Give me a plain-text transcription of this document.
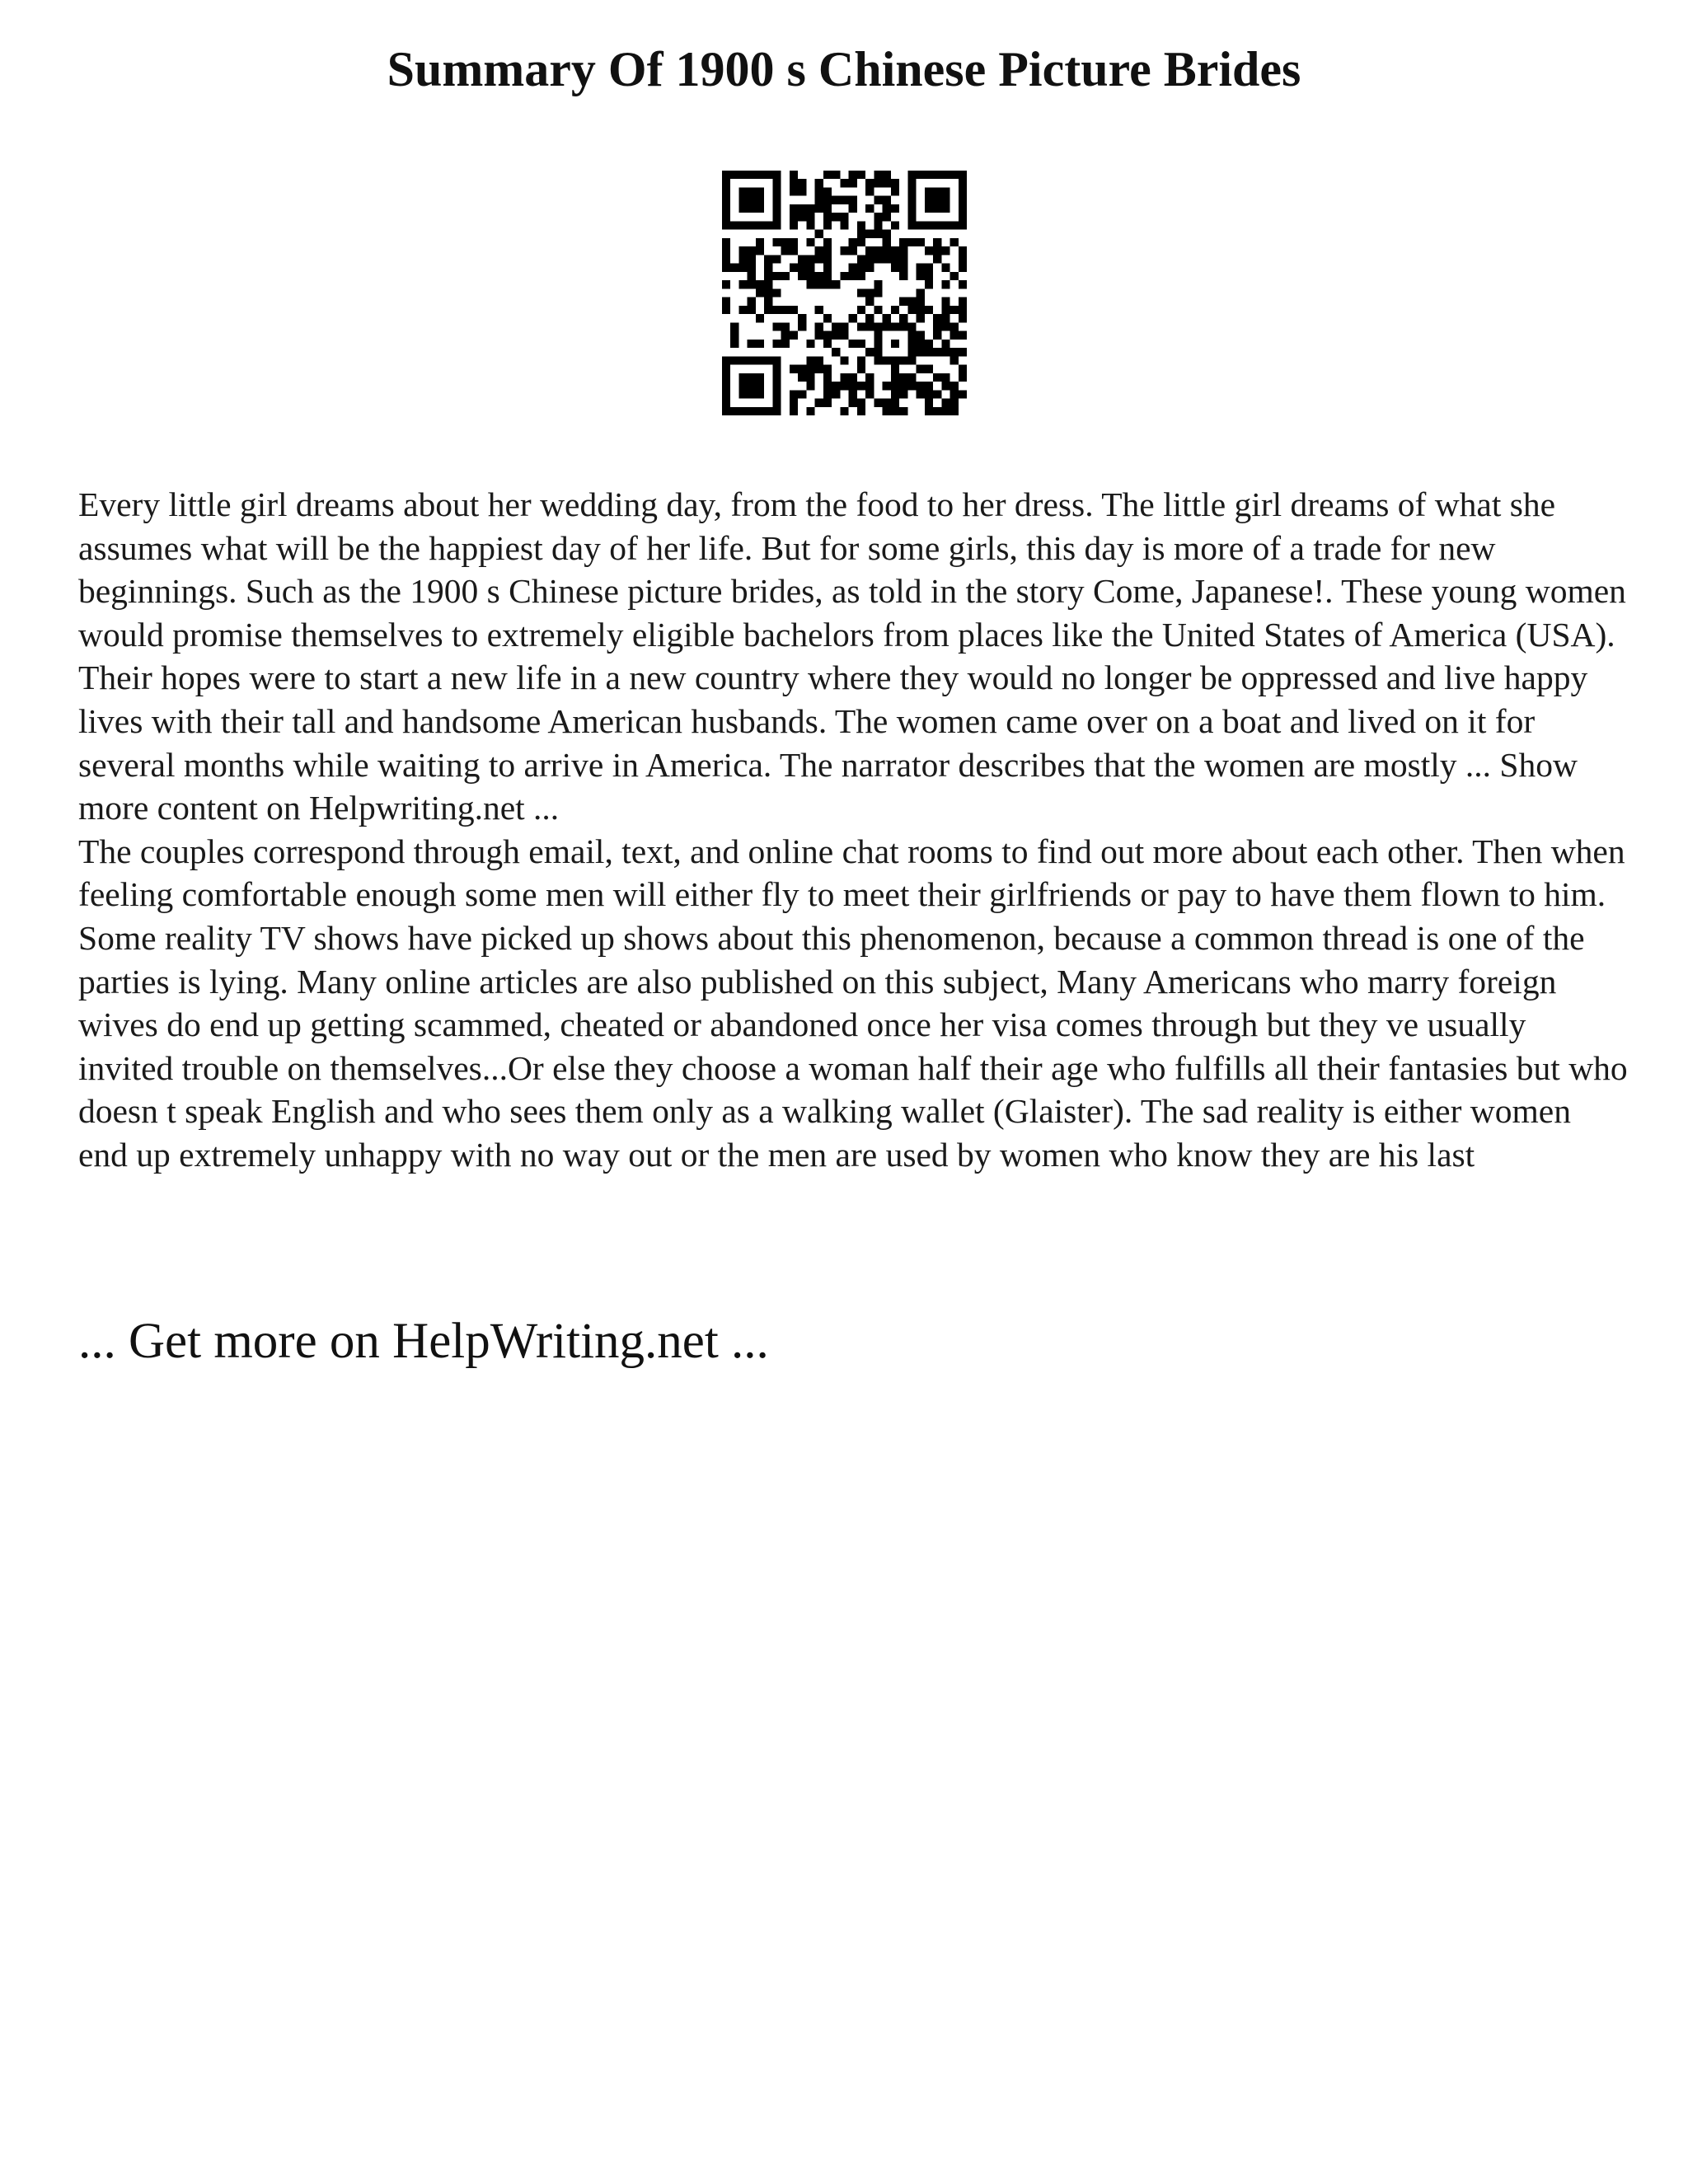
Summary Of 1900 s Chinese Picture Brides

Every little girl dreams about her wedding day, from the food to her dress. The little girl dreams of what she assumes what will be the happiest day of her life. But for some girls, this day is more of a trade for new beginnings. Such as the 1900 s Chinese picture brides, as told in the story Come, Japanese!. These young women would promise themselves to extremely eligible bachelors from places like the United States of America (USA). Their hopes were to start a new life in a new country where they would no longer be oppressed and live happy lives with their tall and handsome American husbands. The women came over on a boat and lived on it for several months while waiting to arrive in America. The narrator describes that the women are mostly ... Show more content on Helpwriting.net ...

The couples correspond through email, text, and online chat rooms to find out more about each other. Then when feeling comfortable enough some men will either fly to meet their girlfriends or pay to have them flown to him. Some reality TV shows have picked up shows about this phenomenon, because a common thread is one of the parties is lying. Many online articles are also published on this subject, Many Americans who marry foreign wives do end up getting scammed, cheated or abandoned once her visa comes through but they ve usually invited trouble on themselves...Or else they choose a woman half their age who fulfills all their fantasies but who doesn t speak English and who sees them only as a walking wallet (Glaister). The sad reality is either women end up extremely unhappy with no way out or the men are used by women who know they are his last

... Get more on HelpWriting.net ...
